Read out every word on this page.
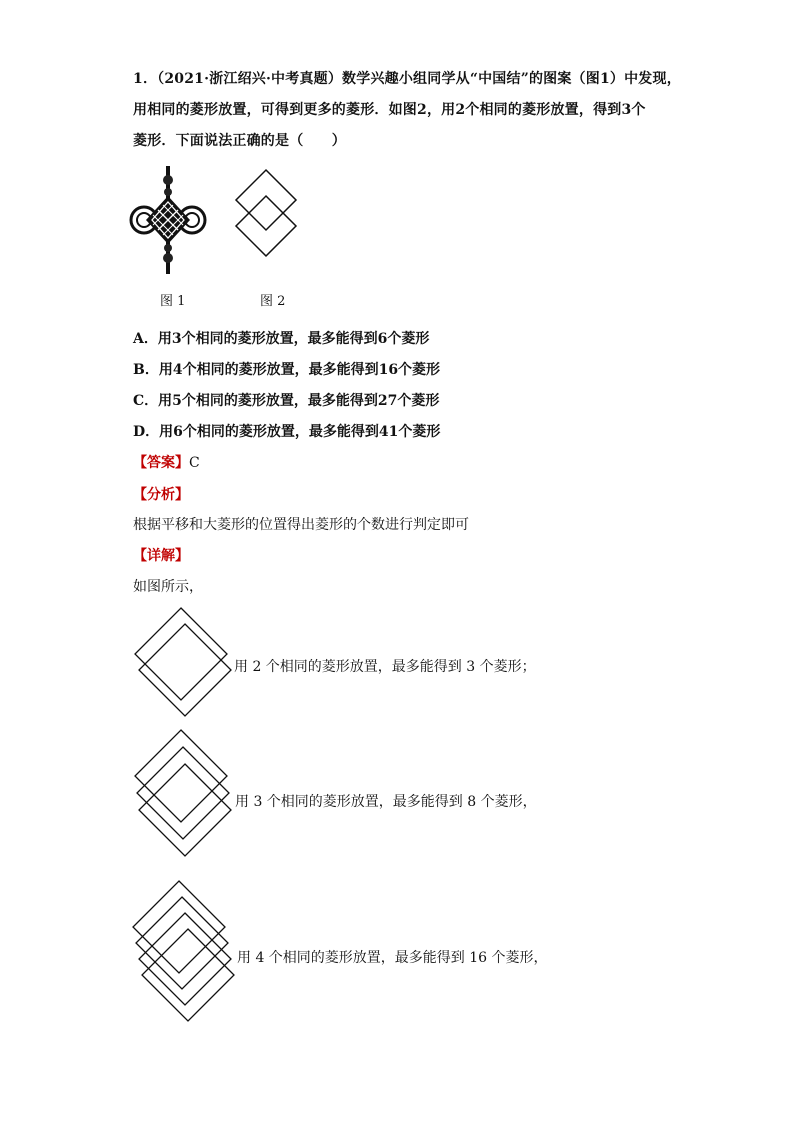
1．（2021·浙江绍兴·中考真题）数学兴趣小组同学从“中国结”的图案（图1）中发现，
用相同的菱形放置，可得到更多的菱形．如图2，用2个相同的菱形放置，得到3个
菱形．下面说法正确的是（　　）
图 1	图 2
A．用3个相同的菱形放置，最多能得到6个菱形
B．用4个相同的菱形放置，最多能得到16个菱形
C．用5个相同的菱形放置，最多能得到27个菱形
D．用6个相同的菱形放置，最多能得到41个菱形
【答案】C
【分析】
根据平移和大菱形的位置得出菱形的个数进行判定即可
【详解】
如图所示，
用 2 个相同的菱形放置，最多能得到 3 个菱形；
用 3 个相同的菱形放置，最多能得到 8 个菱形，
用 4 个相同的菱形放置，最多能得到 16 个菱形，
